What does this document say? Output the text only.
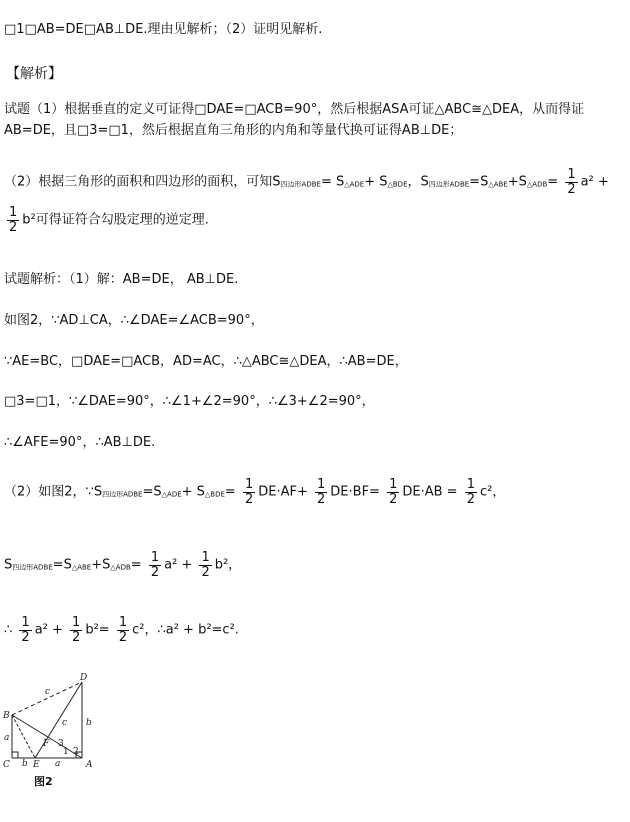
□1□AB=DE□AB⊥DE.理由见解析；（2）证明见解析.
【解析】
试题（1）根据垂直的定义可证得□DAE=□ACB=90°，然后根据ASA可证△ABC≅△DEA，从而得证
AB=DE，且□3=□1，然后根据直角三角形的内角和等量代换可证得AB⊥DE；
（2）根据三角形的面积和四边形的面积，可知$S_{四边形ADBE}= S_{\triangle ADE}+ S_{\triangle BDE}$，$S_{四边形ADBE}=S_{\triangle ABE}+S_{\triangle ADB}= \frac{1}{2} a^2$ +
$\frac{1}{2} b^2$可得证符合勾股定理的逆定理.
试题解析：（1）解：AB=DE， AB⊥DE.
如图2，∵AD⊥CA，∴∠DAE=∠ACB=90°，
∵AE=BC，□DAE=□ACB，AD=AC，∴△ABC≅△DEA，∴AB=DE，
□3=□1，∵∠DAE=90°，∴∠1+∠2=90°，∴∠3+∠2=90°，
∴∠AFE=90°，∴AB⊥DE.
（2）如图2，$\because S_{四边形ADBE}=S_{\triangle ADE}+ S_{\triangle BDE}= \frac{1}{2} DE\cdot AF+ \frac{1}{2} DE\cdot BF= \frac{1}{2} DE\cdot AB = \frac{1}{2} c^2$，
$S_{四边形ADBE}=S_{\triangle ABE}+S_{\triangle ADB}= \frac{1}{2} a^2 + \frac{1}{2} b^2$，
∴ $\frac{1}{2} a^2 + \frac{1}{2} b^2= \frac{1}{2} c^2$，∴a² + b²=c².
B
C
D
A
E
F
a
b	a
b
c
c
3
1 2
图2
